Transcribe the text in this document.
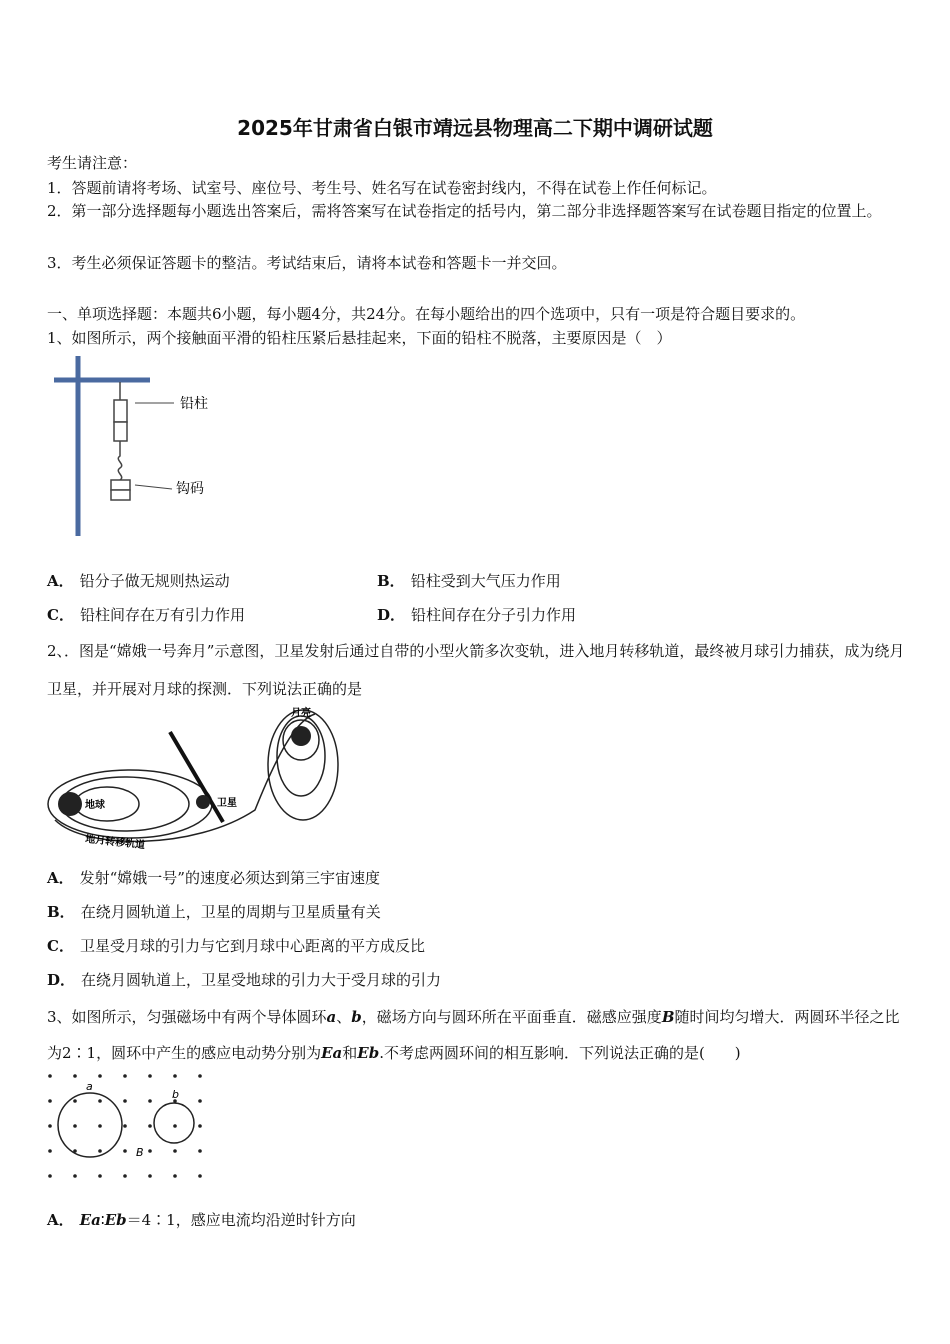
2025年甘肃省白银市靖远县物理高二下期中调研试题
考生请注意：
1．答题前请将考场、试室号、座位号、考生号、姓名写在试卷密封线内，不得在试卷上作任何标记。
2．第一部分选择题每小题选出答案后，需将答案写在试卷指定的括号内，第二部分非选择题答案写在试卷题目指定的位置上。
3．考生必须保证答题卡的整洁。考试结束后，请将本试卷和答题卡一并交回。
一、单项选择题：本题共6小题，每小题4分，共24分。在每小题给出的四个选项中，只有一项是符合题目要求的。
1、如图所示，两个接触面平滑的铅柱压紧后悬挂起来，下面的铅柱不脱落，主要原因是（　）
铅柱
钩码
A． 铅分子做无规则热运动	B． 铅柱受到大气压力作用
C． 铅柱间存在万有引力作用	D． 铅柱间存在分子引力作用
2、．图是“嫦娥一号奔月”示意图，卫星发射后通过自带的小型火箭多次变轨，进入地月转移轨道，最终被月球引力捕获，成为绕月卫星，并开展对月球的探测．下列说法正确的是
地球
月亮
卫星
地月转移轨道
A． 发射“嫦娥一号”的速度必须达到第三宇宙速度
B． 在绕月圆轨道上，卫星的周期与卫星质量有关
C． 卫星受月球的引力与它到月球中心距离的平方成反比
D． 在绕月圆轨道上，卫星受地球的引力大于受月球的引力
3、如图所示，匀强磁场中有两个导体圆环a、b，磁场方向与圆环所在平面垂直．磁感应强度B随时间均匀增大．两圆环半径之比为2∶1，圆环中产生的感应电动势分别为Ea和Eb.不考虑两圆环间的相互影响．下列说法正确的是(　　)
a
b
B
A． Ea∶Eb＝4∶1，感应电流均沿逆时针方向
